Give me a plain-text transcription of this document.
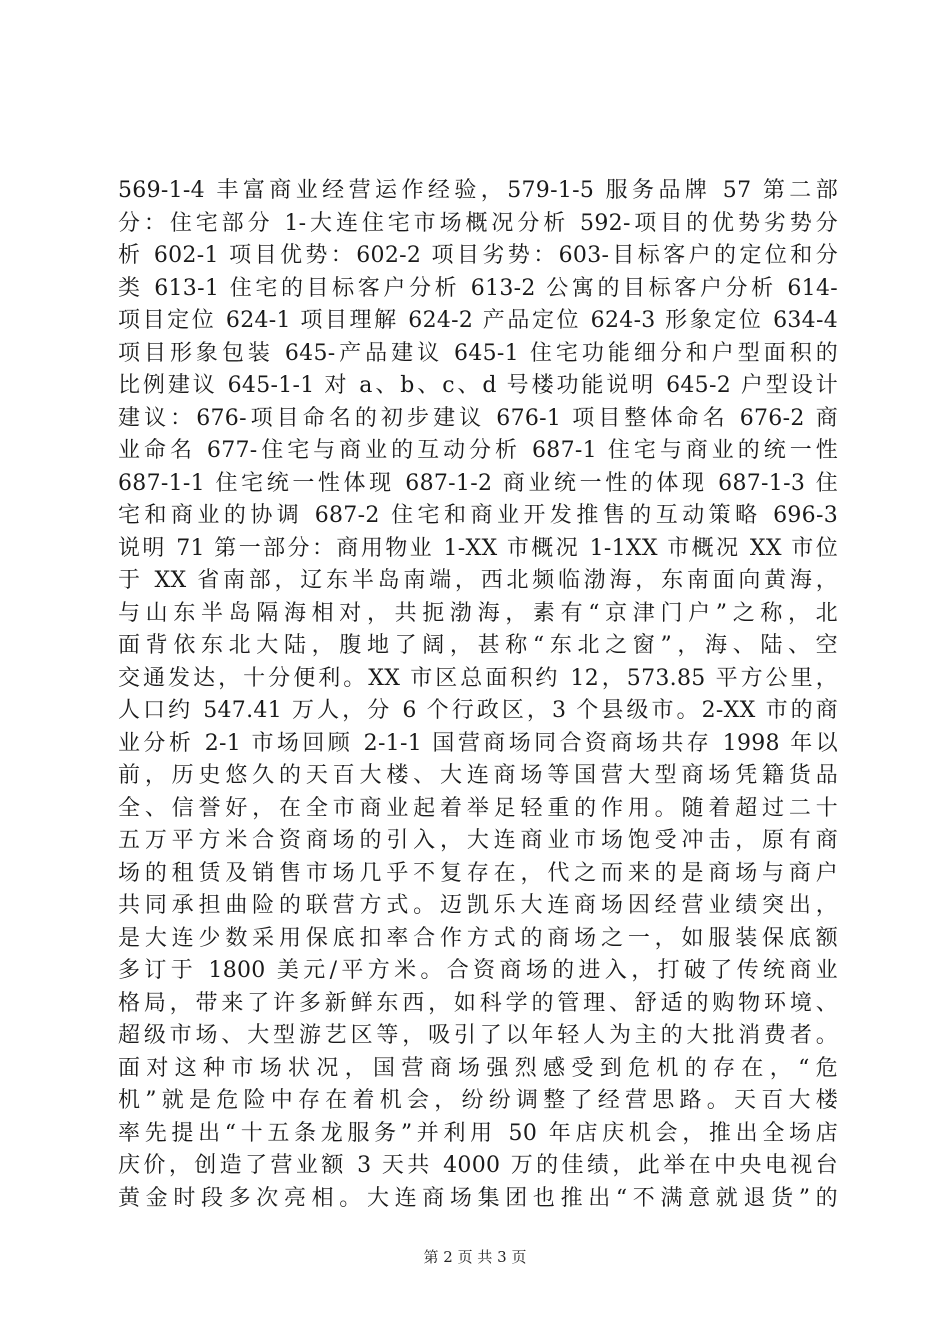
569-1-4 丰富商业经营运作经验，579-1-5 服务品牌 57 第二部
分：住宅部分 1-大连住宅市场概况分析 592-项目的优势劣势分
析 602-1 项目优势：602-2 项目劣势：603-目标客户的定位和分
类 613-1 住宅的目标客户分析 613-2 公寓的目标客户分析 614-
项目定位 624-1 项目理解 624-2 产品定位 624-3 形象定位 634-4
项目形象包装 645-产品建议 645-1 住宅功能细分和户型面积的
比例建议 645-1-1 对 a、b、c、d 号楼功能说明 645-2 户型设计
建议：676-项目命名的初步建议 676-1 项目整体命名 676-2 商
业命名 677-住宅与商业的互动分析 687-1 住宅与商业的统一性
687-1-1 住宅统一性体现 687-1-2 商业统一性的体现 687-1-3 住
宅和商业的协调 687-2 住宅和商业开发推售的互动策略 696-3
说明 71 第一部分：商用物业 1-XX 市概况 1-1XX 市概况 XX 市位
于 XX 省南部，辽东半岛南端，西北频临渤海，东南面向黄海，
与山东半岛隔海相对，共扼渤海，素有“京津门户”之称，北
面背依东北大陆，腹地了阔，甚称“东北之窗”，海、陆、空
交通发达，十分便利。XX 市区总面积约 12，573.85 平方公里，
人口约 547.41 万人，分 6 个行政区，3 个县级市。2-XX 市的商
业分析 2-1 市场回顾 2-1-1 国营商场同合资商场共存 1998 年以
前，历史悠久的天百大楼、大连商场等国营大型商场凭籍货品
全、信誉好，在全市商业起着举足轻重的作用。随着超过二十
五万平方米合资商场的引入，大连商业市场饱受冲击，原有商
场的租赁及销售市场几乎不复存在，代之而来的是商场与商户
共同承担曲险的联营方式。迈凯乐大连商场因经营业绩突出，
是大连少数采用保底扣率合作方式的商场之一，如服装保底额
多订于 1800 美元/平方米。合资商场的进入，打破了传统商业
格局，带来了许多新鲜东西，如科学的管理、舒适的购物环境、
超级市场、大型游艺区等，吸引了以年轻人为主的大批消费者。
面对这种市场状况，国营商场强烈感受到危机的存在，“危
机”就是危险中存在着机会，纷纷调整了经营思路。天百大楼
率先提出“十五条龙服务”并利用 50 年店庆机会，推出全场店
庆价，创造了营业额 3 天共 4000 万的佳绩，此举在中央电视台
黄金时段多次亮相。大连商场集团也推出“不满意就退货”的
第 2 页 共 3 页
